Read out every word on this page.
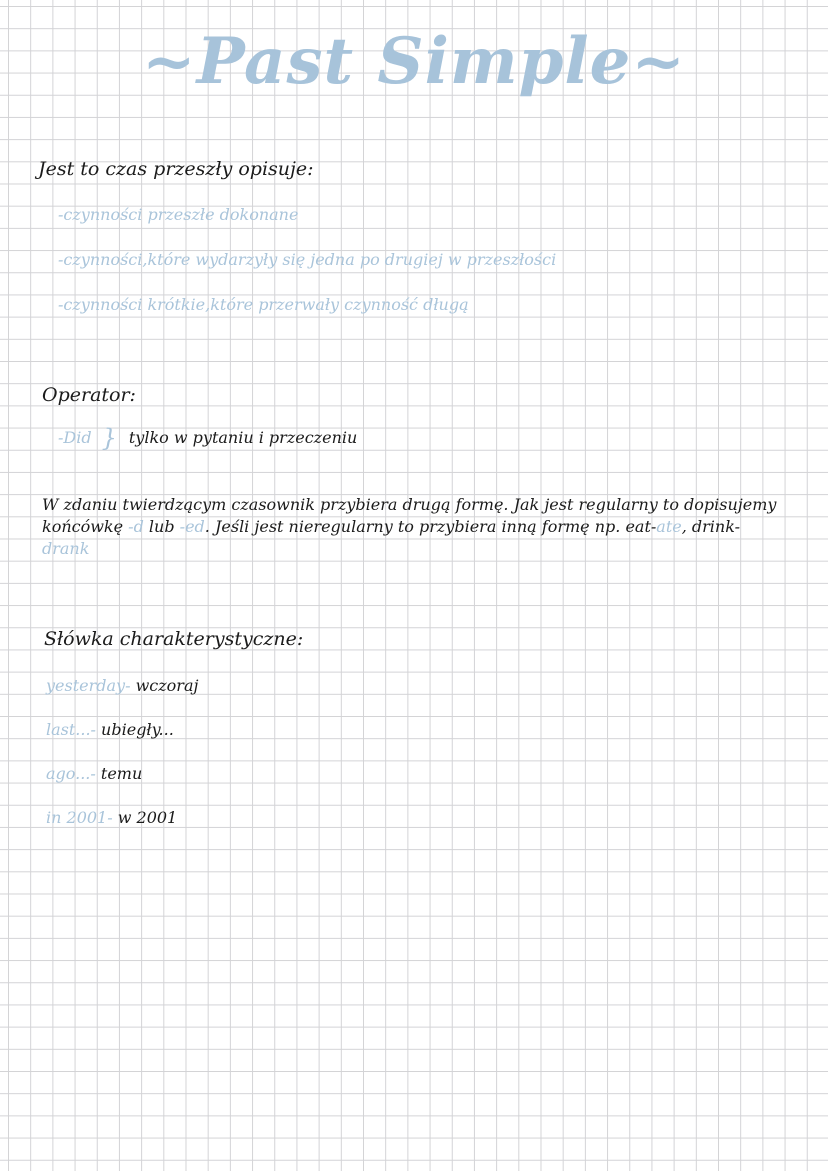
~Past Simple~
Jest to czas przeszły opisuje:
-czynności przeszłe dokonane
-czynności,które wydarzyły się jedna po drugiej w przeszłości
-czynności krótkie,które przerwały czynność długą
Operator:
-Did } tylko w pytaniu i przeczeniu
W zdaniu twierdzącym czasownik przybiera drugą formę. Jak jest regularny to dopisujemy końcówkę -d lub -ed. Jeśli jest nieregularny to przybiera inną formę np. eat-ate, drink-drank
Słówka charakterystyczne:
yesterday- wczoraj
last...- ubiegły...
ago...- temu
in 2001- w 2001
